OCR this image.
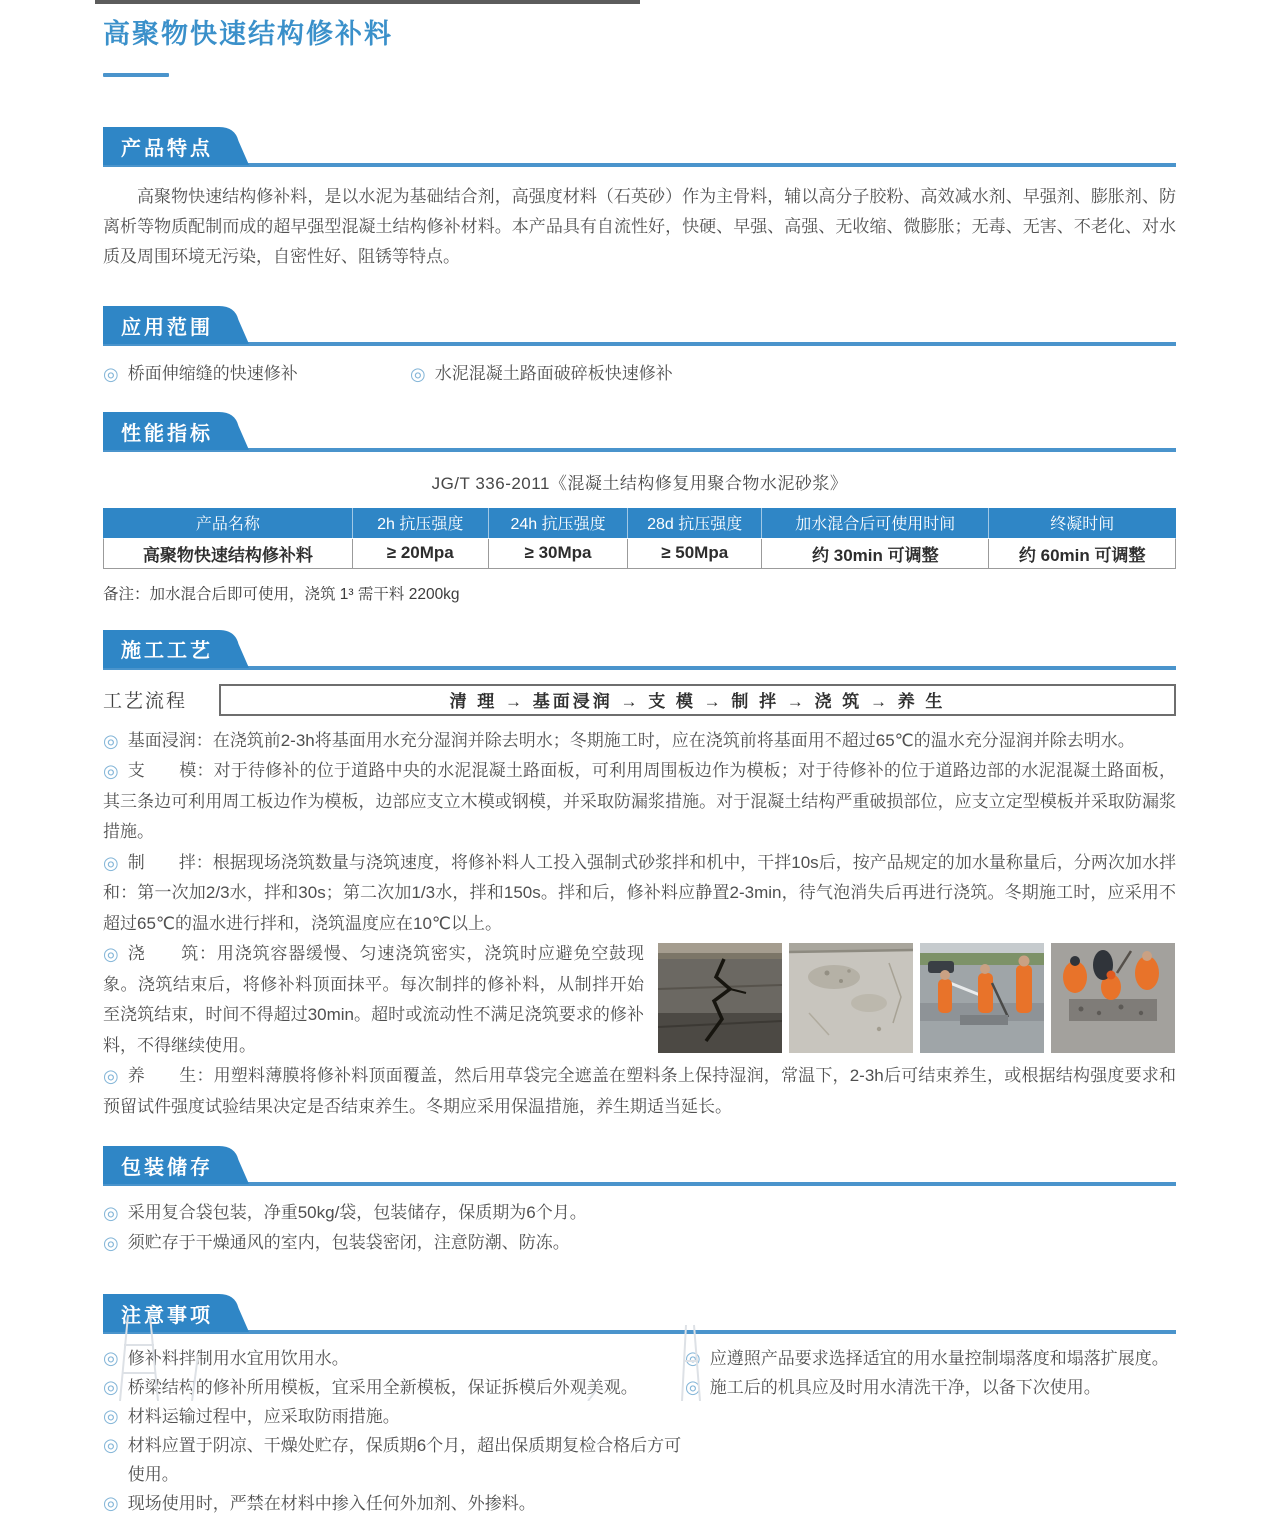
高聚物快速结构修补料
产品特点

高聚物快速结构修补料，是以水泥为基础结合剂，高强度材料（石英砂）作为主骨料，辅以高分子胶粉、高效减水剂、早强剂、膨胀剂、防离析等物质配制而成的超早强型混凝土结构修补材料。本产品具有自流性好，快硬、早强、高强、无收缩、微膨胀；无毒、无害、不老化、对水质及周围环境无污染，自密性好、阻锈等特点。

应用范围
◎ 桥面伸缩缝的快速修补	◎ 水泥混凝土路面破碎板快速修补
性能指标
JG/T 336-2011《混凝土结构修复用聚合物水泥砂浆》
产品名称	2h 抗压强度	24h 抗压强度	28d 抗压强度	加水混合后可使用时间	终凝时间
高聚物快速结构修补料	≥ 20Mpa	≥ 30Mpa	≥ 50Mpa	约 30min 可调整	约 60min 可调整
备注：加水混合后即可使用，浇筑 1³ 需干料 2200kg
施工工艺
工艺流程	清 理 → 基面浸润 → 支 模 → 制 拌 → 浇 筑 → 养 生
◎ 基面浸润：在浇筑前2-3h将基面用水充分湿润并除去明水；冬期施工时，应在浇筑前将基面用不超过65℃的温水充分湿润并除去明水。
◎ 支　　模：对于待修补的位于道路中央的水泥混凝土路面板，可利用周围板边作为模板；对于待修补的位于道路边部的水泥混凝土路面板，其三条边可利用周工板边作为模板，边部应支立木模或钢模，并采取防漏浆措施。对于混凝土结构严重破损部位，应支立定型模板并采取防漏浆措施。
◎ 制　　拌：根据现场浇筑数量与浇筑速度，将修补料人工投入强制式砂浆拌和机中，干拌10s后，按产品规定的加水量称量后，分两次加水拌和：第一次加2/3水，拌和30s；第二次加1/3水，拌和150s。拌和后，修补料应静置2-3min，待气泡消失后再进行浇筑。冬期施工时，应采用不超过65℃的温水进行拌和，浇筑温度应在10℃以上。
◎ 浇　　筑：用浇筑容器缓慢、匀速浇筑密实，浇筑时应避免空鼓现象。浇筑结束后，将修补料顶面抹平。每次制拌的修补料，从制拌开始至浇筑结束，时间不得超过30min。超时或流动性不满足浇筑要求的修补料，不得继续使用。
◎ 养　　生：用塑料薄膜将修补料顶面覆盖，然后用草袋完全遮盖在塑料条上保持湿润，常温下，2-3h后可结束养生，或根据结构强度要求和预留试件强度试验结果决定是否结束养生。冬期应采用保温措施，养生期适当延长。
包装储存
◎ 采用复合袋包装，净重50kg/袋，包装储存，保质期为6个月。
◎ 须贮存于干燥通风的室内，包装袋密闭，注意防潮、防冻。
注意事项
◎ 修补料拌制用水宜用饮用水。
◎ 桥梁结构的修补所用模板，宜采用全新模板，保证拆模后外观美观。
◎ 材料运输过程中，应采取防雨措施。
◎ 材料应置于阴凉、干燥处贮存，保质期6个月，超出保质期复检合格后方可使用。
◎ 现场使用时，严禁在材料中掺入任何外加剂、外掺料。
◎ 应遵照产品要求选择适宜的用水量控制塌落度和塌落扩展度。
◎ 施工后的机具应及时用水清洗干净，以备下次使用。
